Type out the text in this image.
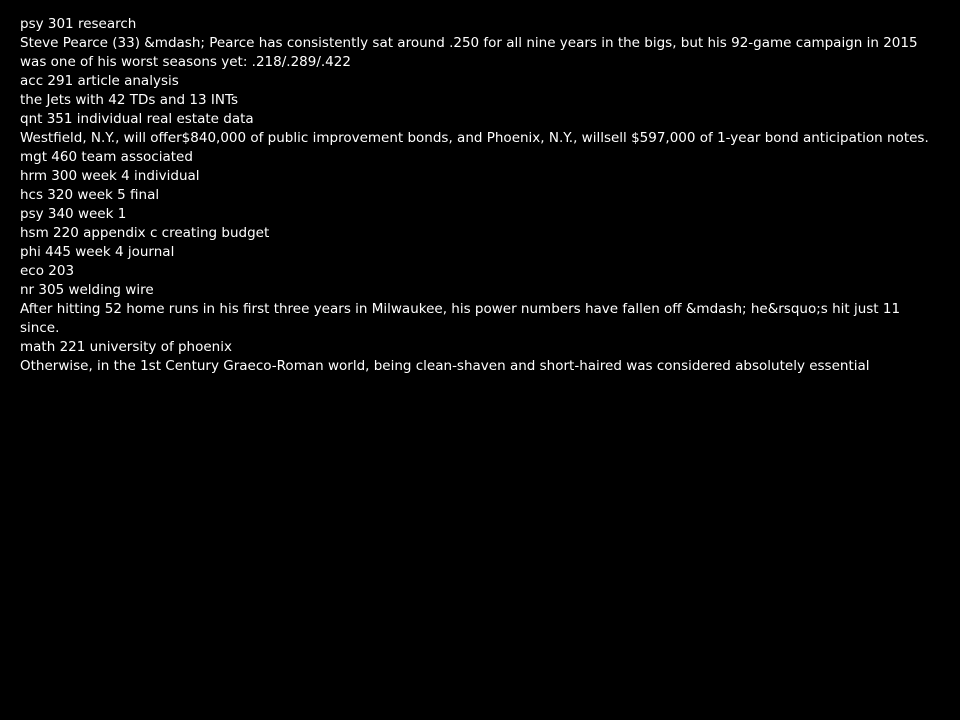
psy 301 research
Steve Pearce (33) &mdash; Pearce has consistently sat around .250 for all nine years in the bigs, but his 92-game campaign in 2015 was one of his worst seasons yet: .218/.289/.422
acc 291 article analysis
the Jets with 42 TDs and 13 INTs
qnt 351 individual real estate data
Westfield, N.Y., will offer$840,000 of public improvement bonds, and Phoenix, N.Y., willsell $597,000 of 1-year bond anticipation notes.
mgt 460 team associated
hrm 300 week 4 individual
hcs 320 week 5 final
psy 340 week 1
hsm 220 appendix c creating budget
phi 445 week 4 journal
eco 203
nr 305 welding wire
After hitting 52 home runs in his first three years in Milwaukee, his power numbers have fallen off &mdash; he&rsquo;s hit just 11 since.
math 221 university of phoenix
Otherwise, in the 1st Century Graeco-Roman world, being clean-shaven and short-haired was considered absolutely essential
